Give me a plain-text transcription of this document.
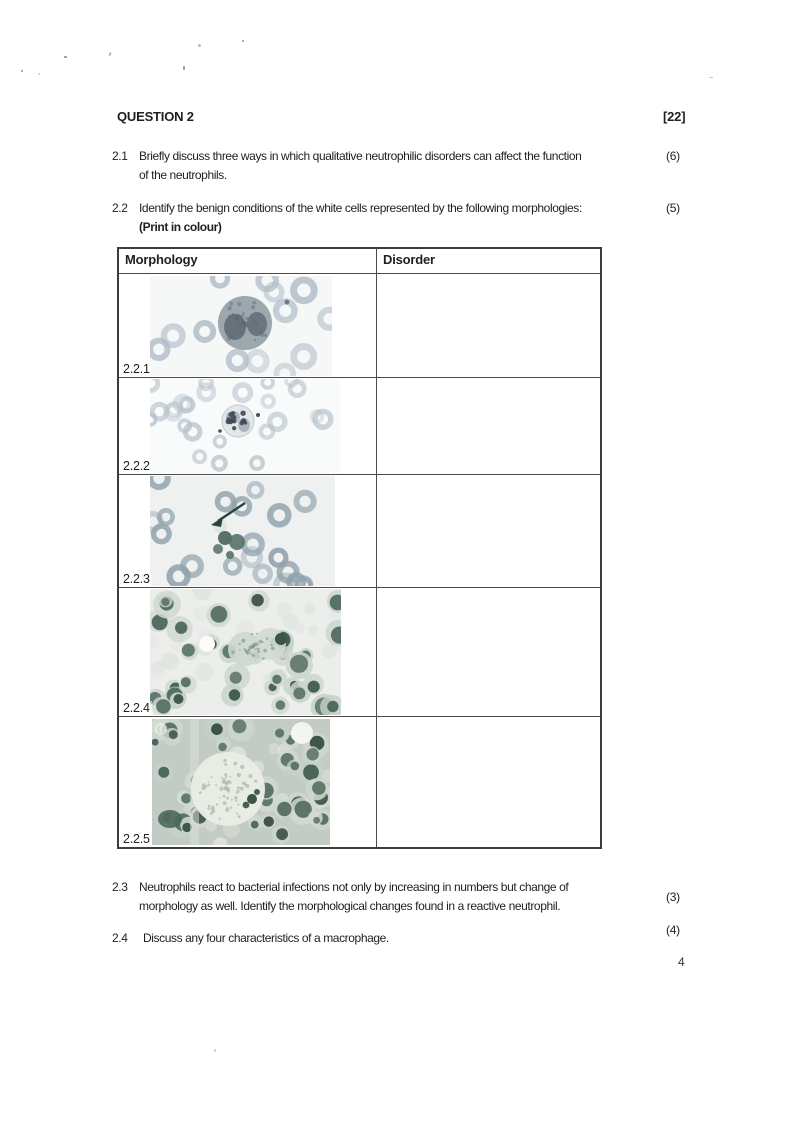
QUESTION 2	[22]
2.1 Briefly discuss three ways in which qualitative neutrophilic disorders can affect the function
of the neutrophils.
(6)
2.2 Identify the benign conditions of the white cells represented by the following morphologies:
(Print in colour)
(5)
Morphology	Disorder
2.2.1
2.2.2
2.2.3
2.2.4
2.2.5
2.3 Neutrophils react to bacterial infections not only by increasing in numbers but change of
morphology as well. Identify the morphological changes found in a reactive neutrophil.
(3)
2.4	Discuss any four characteristics of a macrophage.
(4)
4
